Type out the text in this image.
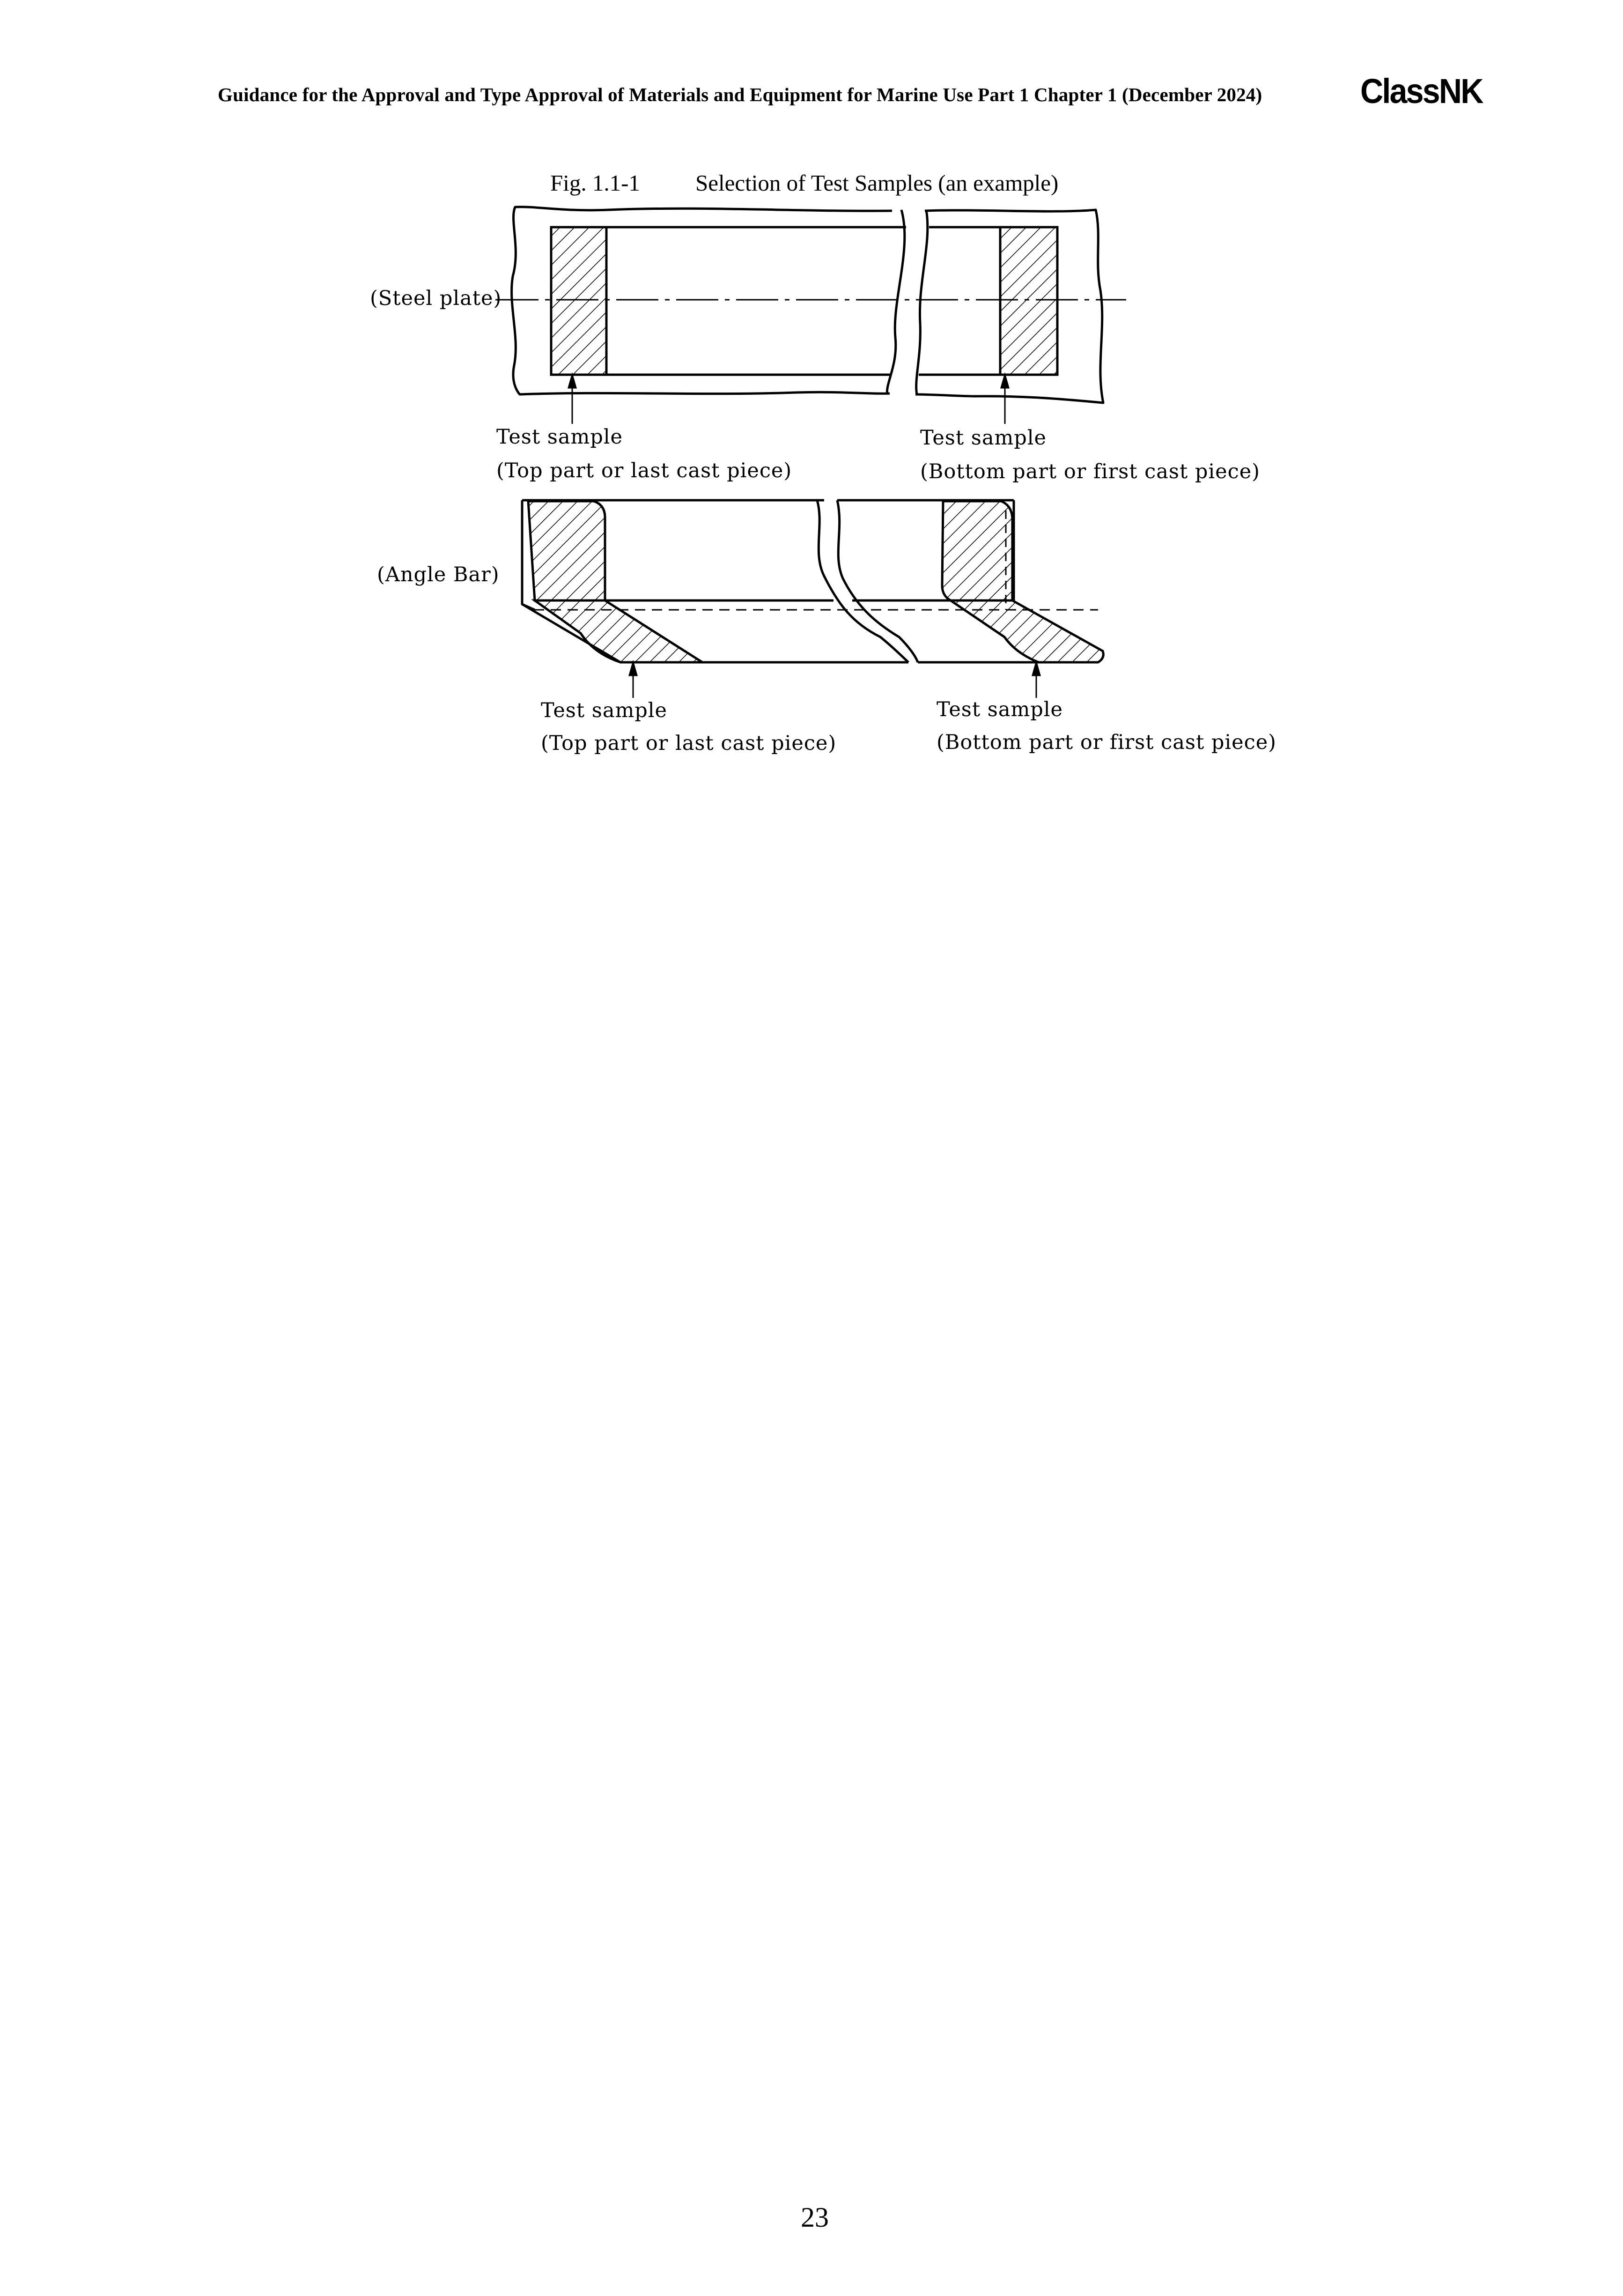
Guidance for the Approval and Type Approval of Materials and Equipment for Marine Use Part 1 Chapter 1 (December 2024)	ClassNK
Fig. 1.1-1 Selection of Test Samples (an example)
(Steel plate)
Test sample
(Top part or last cast piece)
Test sample
(Bottom part or first cast piece)
(Angle Bar)
Test sample
(Top part or last cast piece)
Test sample
(Bottom part or first cast piece)
23
